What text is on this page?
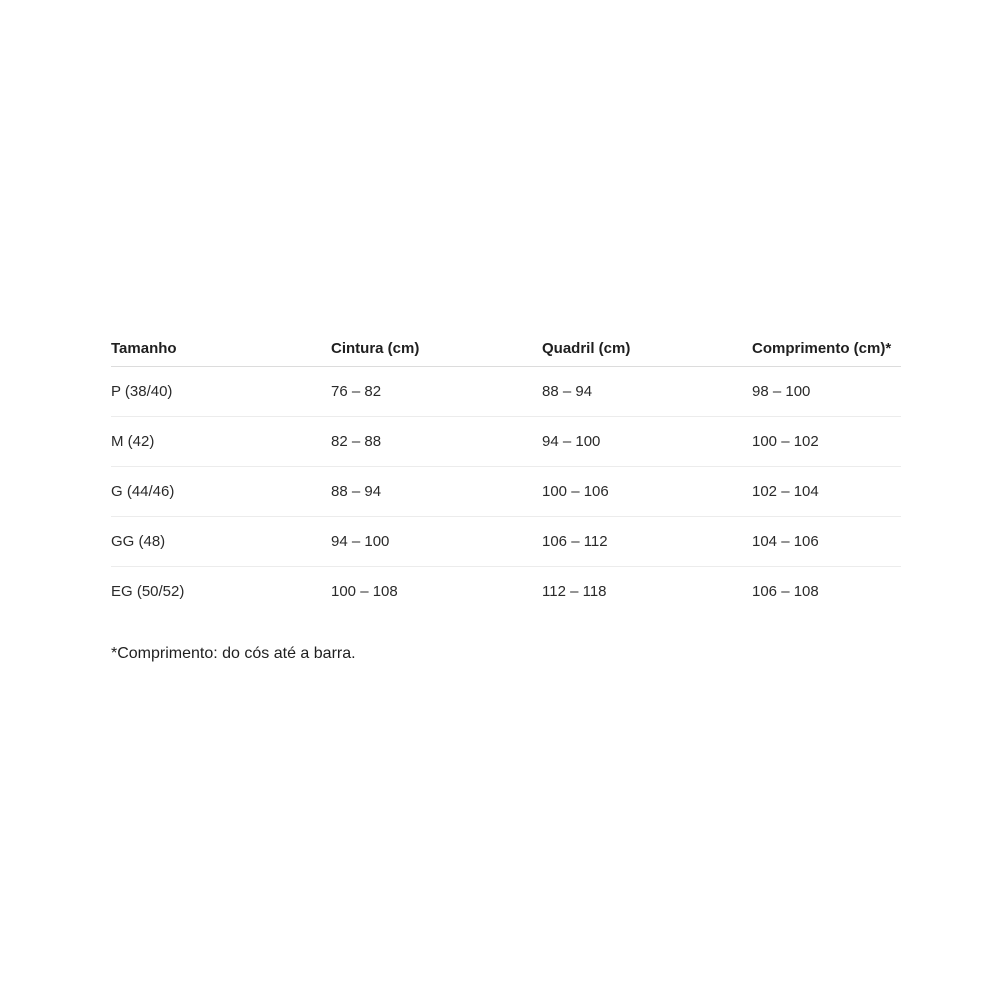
Tamanho	Cintura (cm)	Quadril (cm)	Comprimento (cm)*
P (38/40)	76 – 82	88 – 94	98 – 100
M (42)	82 – 88	94 – 100	100 – 102
G (44/46)	88 – 94	100 – 106	102 – 104
GG (48)	94 – 100	106 – 112	104 – 106
EG (50/52)	100 – 108	112 – 118	106 – 108

*Comprimento: do cós até a barra.
